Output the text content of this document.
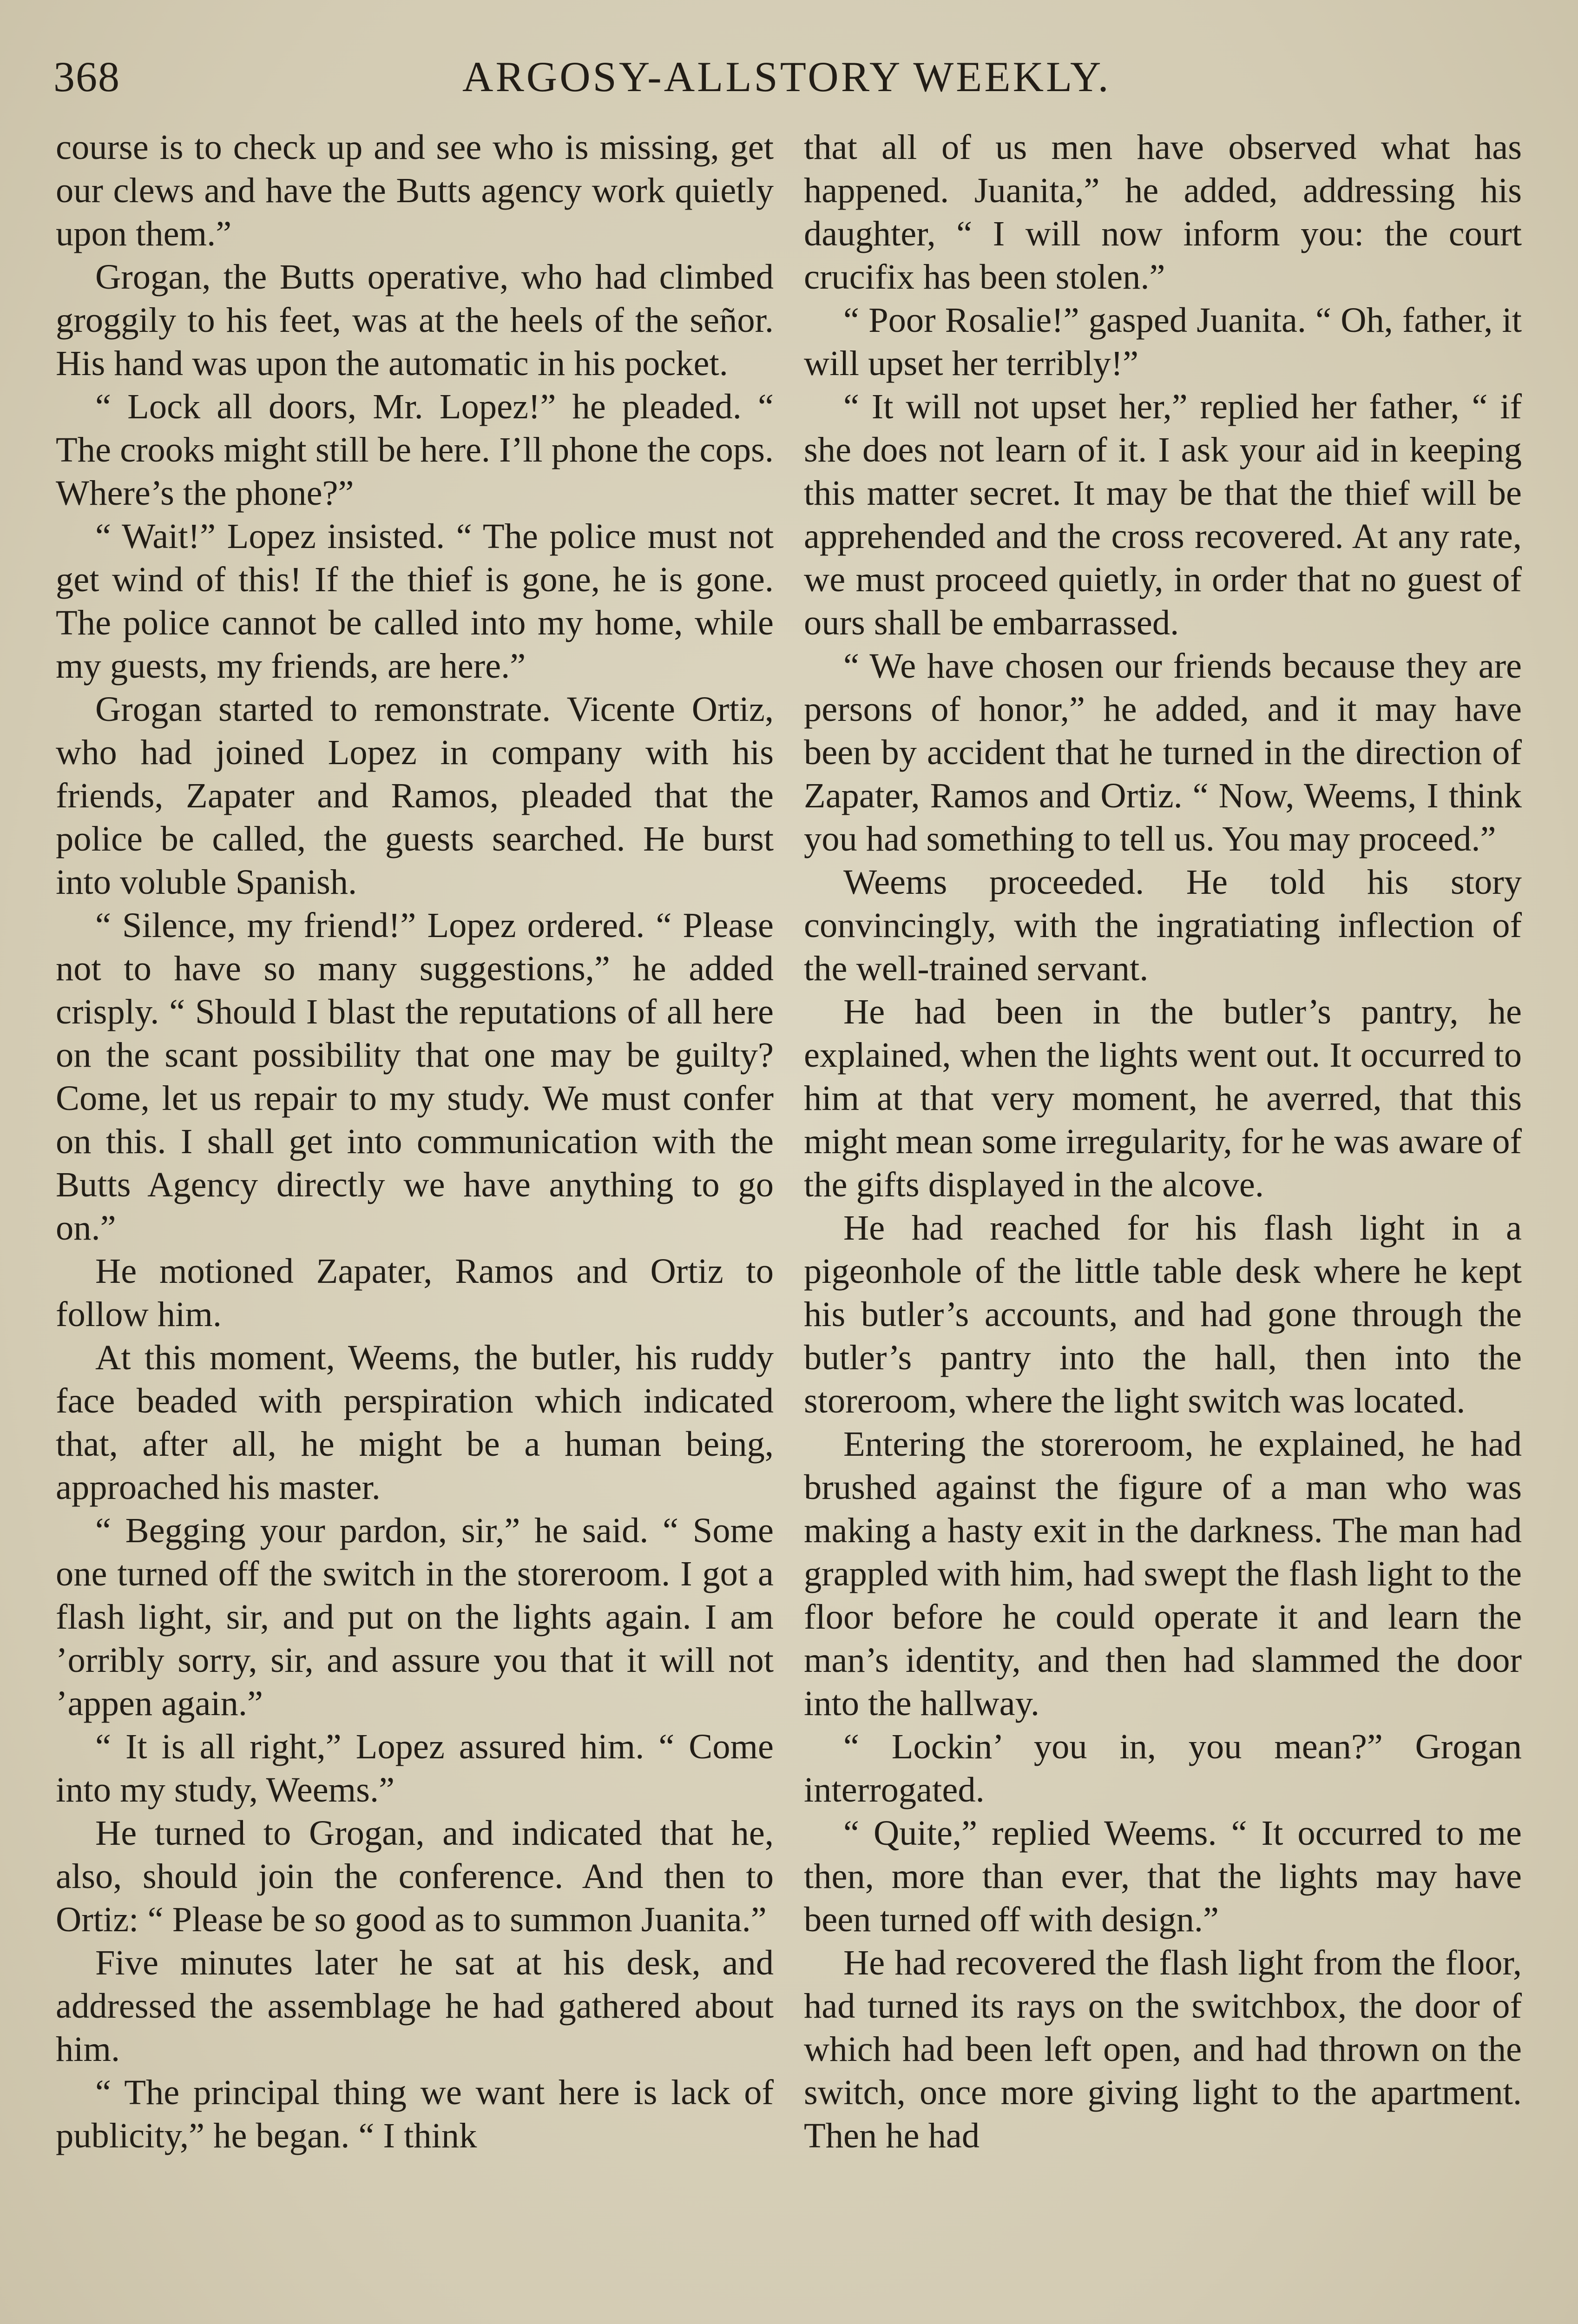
368	ARGOSY-ALLSTORY WEEKLY.

course is to check up and see who is missing, get our clews and have the Butts agency work quietly upon them.”

Grogan, the Butts operative, who had climbed groggily to his feet, was at the heels of the señor. His hand was upon the automatic in his pocket.

“ Lock all doors, Mr. Lopez!” he pleaded. “ The crooks might still be here. I’ll phone the cops. Where’s the phone?”

“ Wait!” Lopez insisted. “ The police must not get wind of this! If the thief is gone, he is gone. The police cannot be called into my home, while my guests, my friends, are here.”

Grogan started to remonstrate. Vicente Ortiz, who had joined Lopez in company with his friends, Zapater and Ramos, pleaded that the police be called, the guests searched. He burst into voluble Spanish.

“ Silence, my friend!” Lopez ordered. “ Please not to have so many suggestions,” he added crisply. “ Should I blast the reputations of all here on the scant possibility that one may be guilty? Come, let us repair to my study. We must confer on this. I shall get into communication with the Butts Agency directly we have anything to go on.”

He motioned Zapater, Ramos and Ortiz to follow him.

At this moment, Weems, the butler, his ruddy face beaded with perspiration which indicated that, after all, he might be a human being, approached his master.

“ Begging your pardon, sir,” he said. “ Some one turned off the switch in the storeroom. I got a flash light, sir, and put on the lights again. I am ’orribly sorry, sir, and assure you that it will not ’appen again.”

“ It is all right,” Lopez assured him. “ Come into my study, Weems.”

He turned to Grogan, and indicated that he, also, should join the conference. And then to Ortiz: “ Please be so good as to summon Juanita.”

Five minutes later he sat at his desk, and addressed the assemblage he had gathered about him.

“ The principal thing we want here is lack of publicity,” he began. “ I think

that all of us men have observed what has happened. Juanita,” he added, addressing his daughter, “ I will now inform you: the court crucifix has been stolen.”

“ Poor Rosalie!” gasped Juanita. “ Oh, father, it will upset her terribly!”

“ It will not upset her,” replied her father, “ if she does not learn of it. I ask your aid in keeping this matter secret. It may be that the thief will be apprehended and the cross recovered. At any rate, we must proceed quietly, in order that no guest of ours shall be embarrassed.

“ We have chosen our friends because they are persons of honor,” he added, and it may have been by accident that he turned in the direction of Zapater, Ramos and Ortiz. “ Now, Weems, I think you had something to tell us. You may proceed.”

Weems proceeded. He told his story convincingly, with the ingratiating inflection of the well-trained servant.

He had been in the butler’s pantry, he explained, when the lights went out. It occurred to him at that very moment, he averred, that this might mean some irregularity, for he was aware of the gifts displayed in the alcove.

He had reached for his flash light in a pigeonhole of the little table desk where he kept his butler’s accounts, and had gone through the butler’s pantry into the hall, then into the storeroom, where the light switch was located.

Entering the storeroom, he explained, he had brushed against the figure of a man who was making a hasty exit in the darkness. The man had grappled with him, had swept the flash light to the floor before he could operate it and learn the man’s identity, and then had slammed the door into the hallway.

“ Lockin’ you in, you mean?” Grogan interrogated.

“ Quite,” replied Weems. “ It occurred to me then, more than ever, that the lights may have been turned off with design.”

He had recovered the flash light from the floor, had turned its rays on the switchbox, the door of which had been left open, and had thrown on the switch, once more giving light to the apartment. Then he had
